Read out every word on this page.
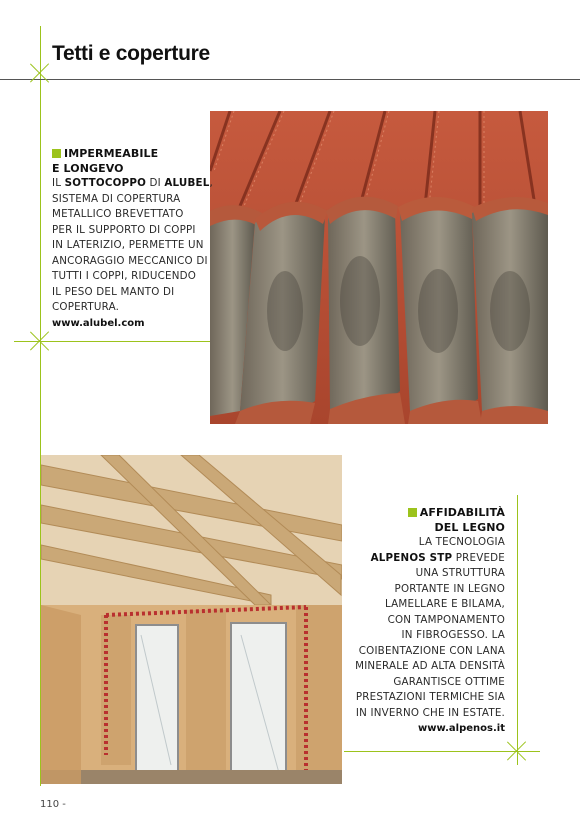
Tetti e coperture
IMPERMEABILE
E LONGEVO
IL SOTTOCOPPO DI ALUBEL,
SISTEMA DI COPERTURA
METALLICO BREVETTATO
PER IL SUPPORTO DI COPPI
IN LATERIZIO, PERMETTE UN
ANCORAGGIO MECCANICO DI
TUTTI I COPPI, RIDUCENDO
IL PESO DEL MANTO DI
COPERTURA.
www.alubel.com
AFFIDABILITÀ
DEL LEGNO
LA TECNOLOGIA
ALPENOS STP PREVEDE
UNA STRUTTURA
PORTANTE IN LEGNO
LAMELLARE E BILAMA,
CON TAMPONAMENTO
IN FIBROGESSO. LA
COIBENTAZIONE CON LANA
MINERALE AD ALTA DENSITÀ
GARANTISCE OTTIME
PRESTAZIONI TERMICHE SIA
IN INVERNO CHE IN ESTATE.
www.alpenos.it
110 -
